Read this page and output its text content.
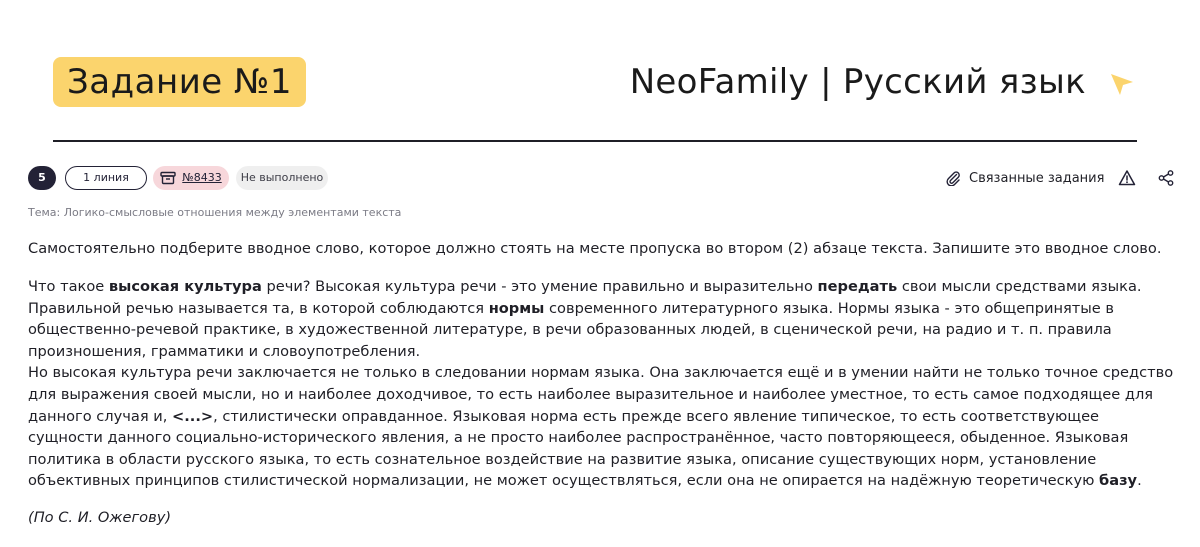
Задание №1	NeoFamily | Русский язык
5	1 линия	№8433	Не выполнено	Связанные задания
Тема: Логико-смысловые отношения между элементами текста
Самостоятельно подберите вводное слово, которое должно стоять на месте пропуска во втором (2) абзаце текста. Запишите это вводное слово.

Что такое высокая культура речи? Высокая культура речи - это умение правильно и выразительно передать свои мысли средствами языка. Правильной речью называется та, в которой соблюдаются нормы современного литературного языка. Нормы языка - это общепринятые в общественно-речевой практике, в художественной литературе, в речи образованных людей, в сценической речи, на радио и т. п. правила произношения, грамматики и словоупотребления.

Но высокая культура речи заключается не только в следовании нормам языка. Она заключается ещё и в умении найти не только точное средство для выражения своей мысли, но и наиболее доходчивое, то есть наиболее выразительное и наиболее уместное, то есть самое подходящее для данного случая и, <...>, стилистически оправданное. Языковая норма есть прежде всего явление типическое, то есть соответствующее сущности данного социально-исторического явления, а не просто наиболее распространённое, часто повторяющееся, обыденное. Языковая политика в области русского языка, то есть сознательное воздействие на развитие языка, описание существующих норм, установление объективных принципов стилистической нормализации, не может осуществляться, если она не опирается на надёжную теоретическую базу.

(По С. И. Ожегову)
